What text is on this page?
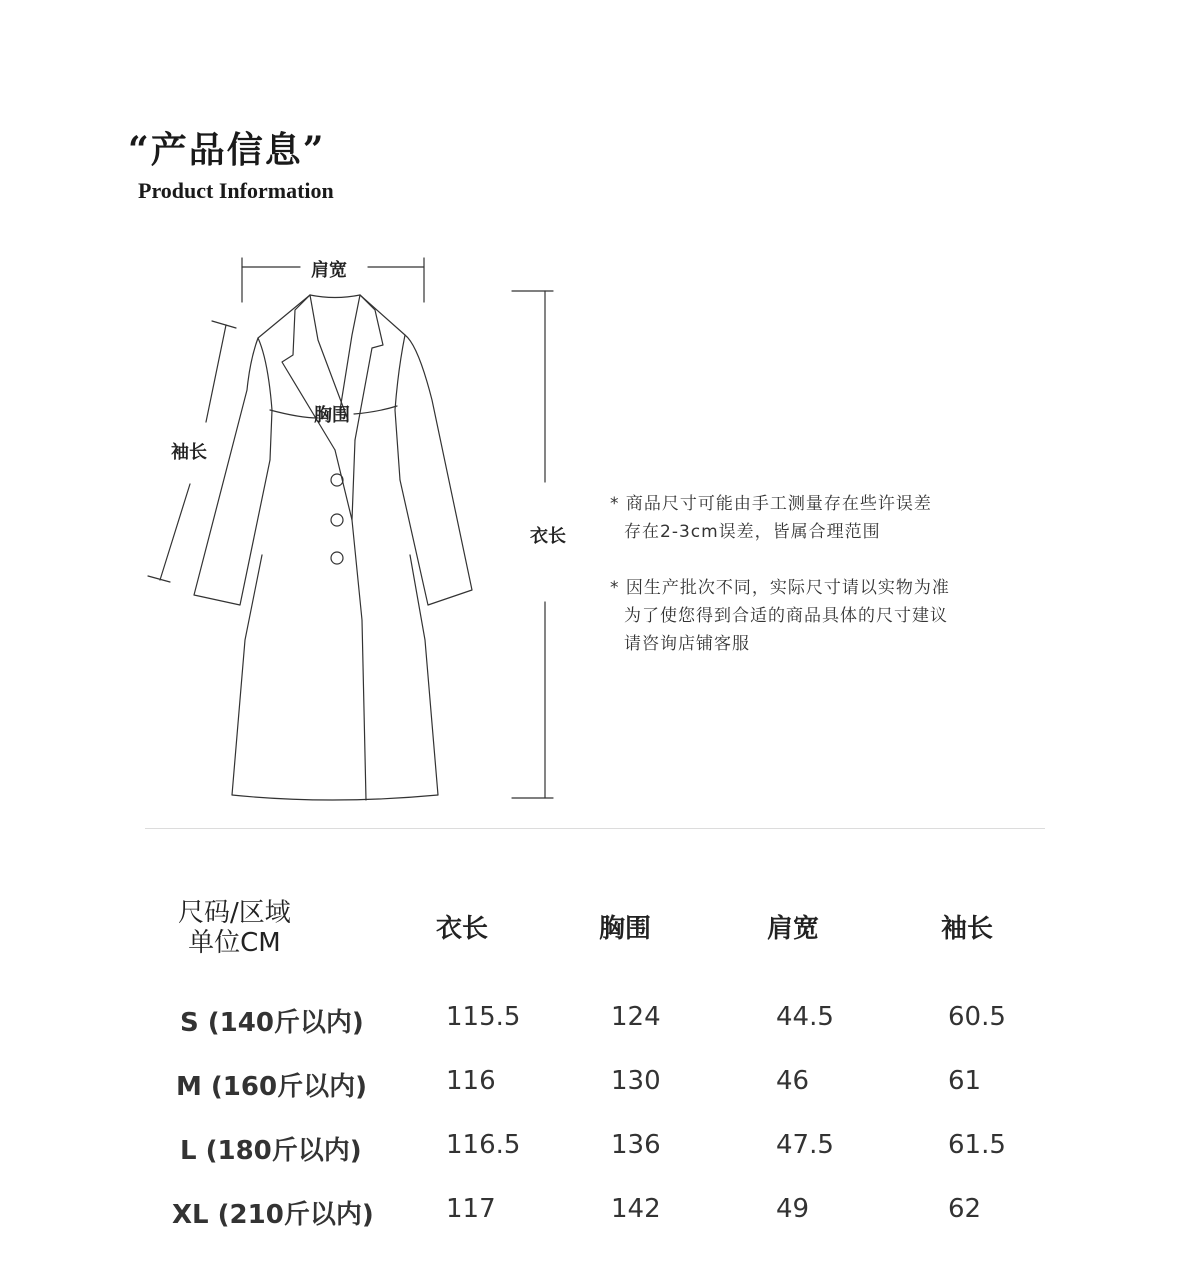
“产品信息”
Product Information
肩宽
胸围
袖长
衣长
* 商品尺寸可能由手工测量存在些许误差
存在2-3cm误差，皆属合理范围
* 因生产批次不同，实际尺寸请以实物为准
为了使您得到合适的商品具体的尺寸建议
请咨询店铺客服
尺码/区域
单位CM	衣长	胸围	肩宽	袖长
S (140斤以内)	115.5	124	44.5	60.5
M (160斤以内)	116	130	46	61
L (180斤以内)	116.5	136	47.5	61.5
XL (210斤以内)	117	142	49	62
